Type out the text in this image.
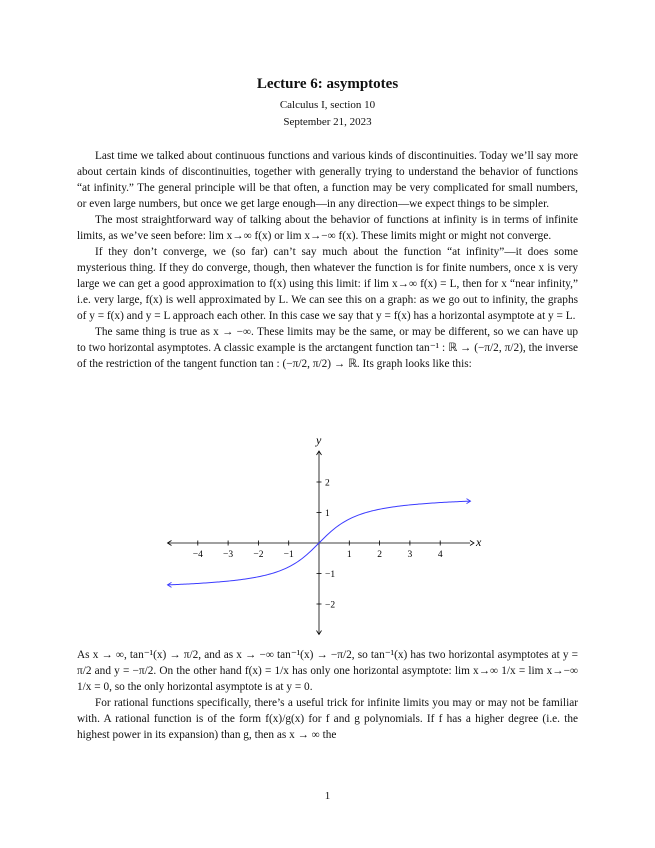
Lecture 6: asymptotes
Calculus I, section 10
September 21, 2023

Last time we talked about continuous functions and various kinds of discontinuities. Today we’ll say more about certain kinds of discontinuities, together with generally trying to understand the behavior of functions “at infinity.” The general principle will be that often, a function may be very complicated for small numbers, or even large numbers, but once we get large enough—in any direction—we expect things to be simpler.

The most straightforward way of talking about the behavior of functions at infinity is in terms of infinite limits, as we’ve seen before: lim x→∞ f(x) or lim x→−∞ f(x). These limits might or might not converge.

If they don’t converge, we (so far) can’t say much about the function “at infinity”—it does some mysterious thing. If they do converge, though, then whatever the function is for finite numbers, once x is very large we can get a good approximation to f(x) using this limit: if lim x→∞ f(x) = L, then for x “near infinity,” i.e. very large, f(x) is well approximated by L. We can see this on a graph: as we go out to infinity, the graphs of y = f(x) and y = L approach each other. In this case we say that y = f(x) has a horizontal asymptote at y = L.

The same thing is true as x → −∞. These limits may be the same, or may be different, so we can have up to two horizontal asymptotes. A classic example is the arctangent function tan⁻¹ : ℝ → (−π/2, π/2), the inverse of the restriction of the tangent function tan : (−π/2, π/2) → ℝ. Its graph looks like this:

−4 −3 −2 −1	1	2	3	4
−2
−1
1
2
x
y

As x → ∞, tan⁻¹(x) → π/2, and as x → −∞ tan⁻¹(x) → −π/2, so tan⁻¹(x) has two horizontal asymptotes at y = π/2 and y = −π/2. On the other hand f(x) = 1/x has only one horizontal asymptote: lim x→∞ 1/x = lim x→−∞ 1/x = 0, so the only horizontal asymptote is at y = 0.

For rational functions specifically, there’s a useful trick for infinite limits you may or may not be familiar with. A rational function is of the form f(x)/g(x) for f and g polynomials. If f has a higher degree (i.e. the highest power in its expansion) than g, then as x → ∞ the

1
